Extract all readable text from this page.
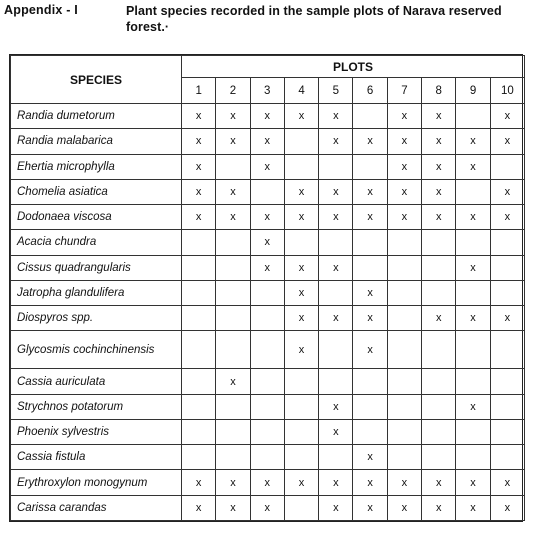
Appendix - I	Plant species recorded in the sample plots of Narava reserved
forest.·
SPECIES	PLOTS									
	1	2	3	4	5	6	7	8	9	10
Randia dumetorum	x	x	x	x	x		x	x		x
Randia malabarica	x	x	x		x	x	x	x	x	x
Ehertia microphylla	x		x				x	x	x	
Chomelia asiatica	x	x		x	x	x	x	x		x
Dodonaea viscosa	x	x	x	x	x	x	x	x	x	x
Acacia chundra			x							
Cissus quadrangularis			x	x	x				x	
Jatropha glandulifera				x		x				
Diospyros spp.				x	x	x		x	x	x
Glycosmis cochinchinensis				x		x				
Cassia auriculata		x								
Strychnos potatorum					x				x	
Phoenix sylvestris					x					
Cassia fistula						x				
Erythroxylon monogynum	x	x	x	x	x	x	x	x	x	x
Carissa carandas	x	x	x		x	x	x	x	x	x
